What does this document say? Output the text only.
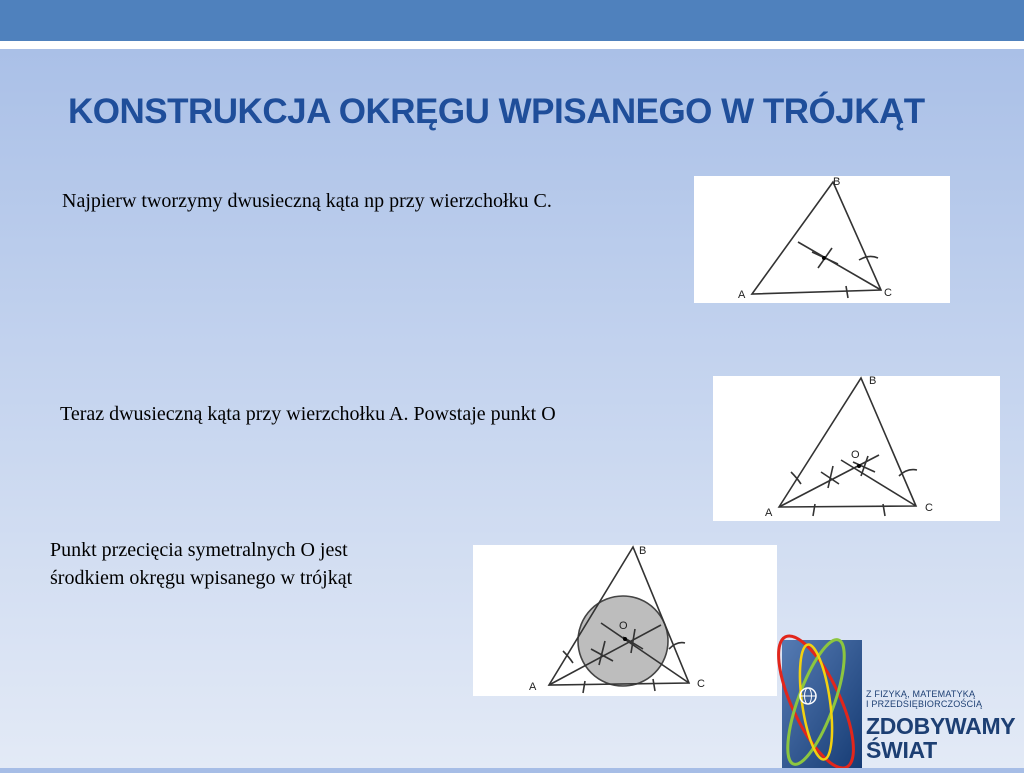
KONSTRUKCJA OKRĘGU WPISANEGO W TRÓJKĄT
Najpierw tworzymy dwusieczną kąta np przy wierzchołku C.
A
B
C
Teraz dwusieczną kąta przy wierzchołku A. Powstaje punkt O
O
A
B
C
Punkt przecięcia symetralnych O jest
środkiem okręgu wpisanego w trójkąt
O
A
B
C
Z FIZYKĄ, MATEMATYKĄ
I PRZEDSIĘBIORCZOŚCIĄ
ZDOBYWAMY
ŚWIAT
